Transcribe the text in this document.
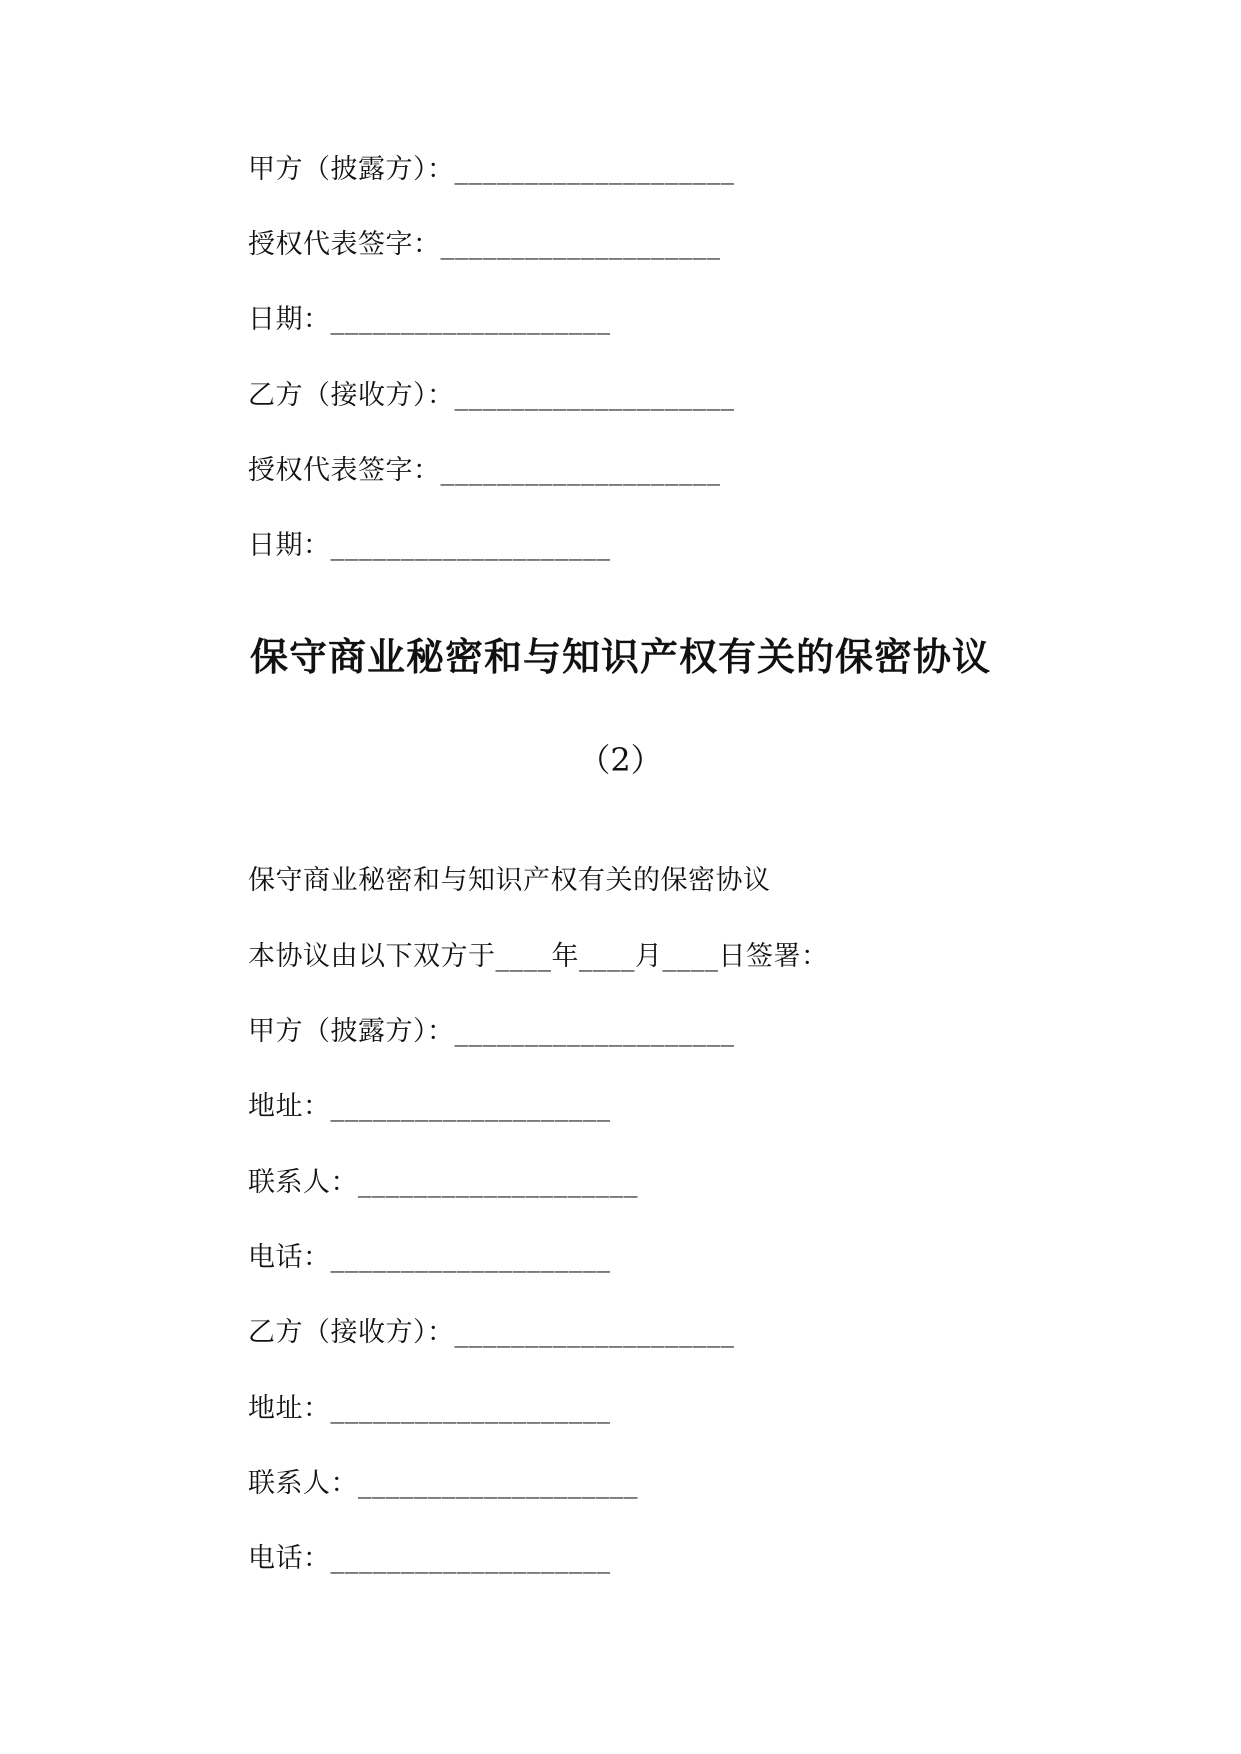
甲方（披露方）：____________________
授权代表签字：____________________
日期：____________________
乙方（接收方）：____________________
授权代表签字：____________________
日期：____________________
保守商业秘密和与知识产权有关的保密协议
（2）
保守商业秘密和与知识产权有关的保密协议
本协议由以下双方于____年____月____日签署：
甲方（披露方）：____________________
地址：____________________
联系人：____________________
电话：____________________
乙方（接收方）：____________________
地址：____________________
联系人：____________________
电话：____________________
